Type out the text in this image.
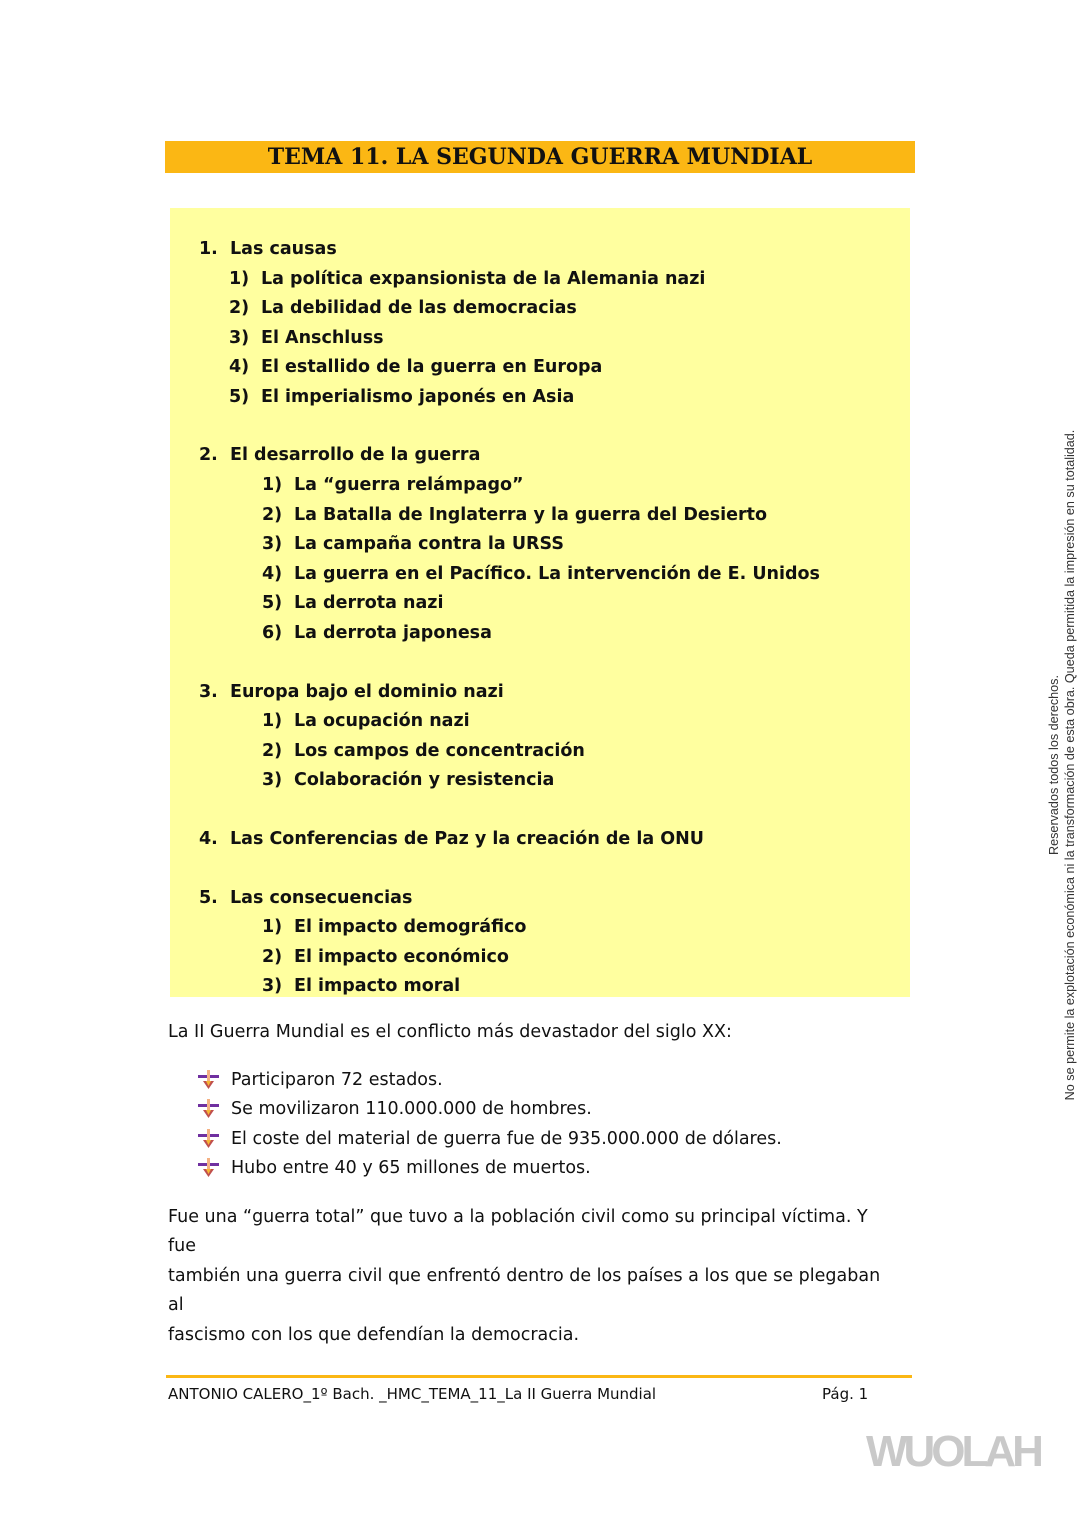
TEMA 11. LA SEGUNDA GUERRA MUNDIAL
1. Las causas
1) La política expansionista de la Alemania nazi
2) La debilidad de las democracias
3) El Anschluss
4) El estallido de la guerra en Europa
5) El imperialismo japonés en Asia
2. El desarrollo de la guerra
1) La “guerra relámpago”
2) La Batalla de Inglaterra y la guerra del Desierto
3) La campaña contra la URSS
4) La guerra en el Pacífico. La intervención de E. Unidos
5) La derrota nazi
6) La derrota japonesa
3. Europa bajo el dominio nazi
1) La ocupación nazi
2) Los campos de concentración
3) Colaboración y resistencia
4. Las Conferencias de Paz y la creación de la ONU
5. Las consecuencias
1) El impacto demográfico
2) El impacto económico
3) El impacto moral

La II Guerra Mundial es el conflicto más devastador del siglo XX:

Participaron 72 estados.
Se movilizaron 110.000.000 de hombres.
El coste del material de guerra fue de 935.000.000 de dólares.
Hubo entre 40 y 65 millones de muertos.

Fue una “guerra total” que tuvo a la población civil como su principal víctima. Y fue

también una guerra civil que enfrentó dentro de los países a los que se plegaban al

fascismo con los que defendían la democracia.

ANTONIO CALERO_1º Bach. _HMC_TEMA_11_La II Guerra Mundial	Pág. 1
Reservados todos los derechos. No se permite la explotación económica ni la transformación de esta obra. Queda permitida la impresión en su totalidad.
WUOLAH
